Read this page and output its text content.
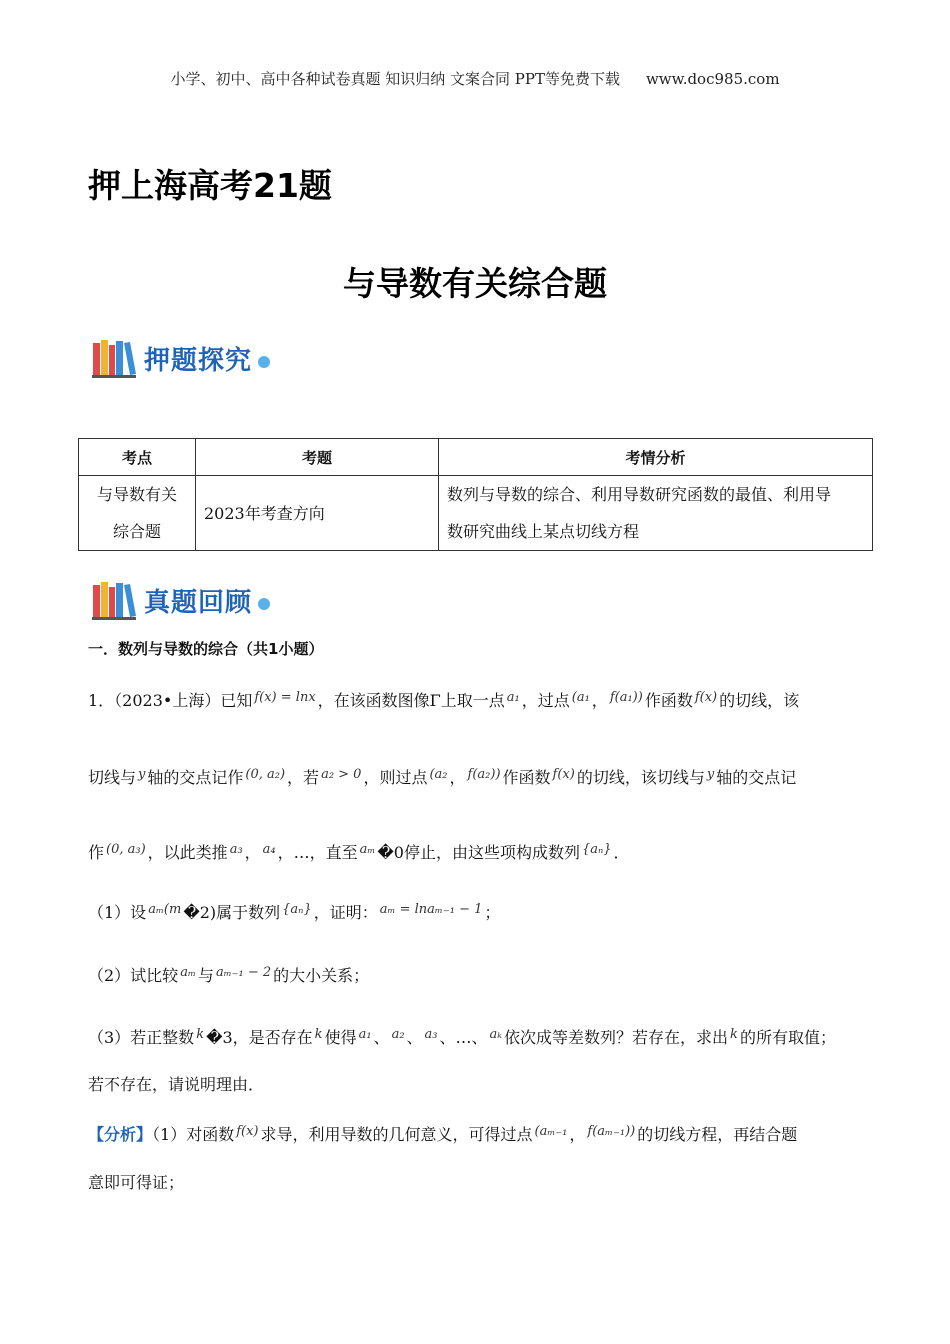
小学、初中、高中各种试卷真题 知识归纳 文案合同 PPT等免费下载 www.doc985.com
押上海高考21题
与导数有关综合题
押题探究
考点	考题	考情分析
与导数有关
综合题	2023年考查方向	数列与导数的综合、利用导数研究函数的最值、利用导
数研究曲线上某点切线方程
真题回顾
一．数列与导数的综合（共1小题）
1．（2023•上海）已知 $^{f(x) = lnx}$ ，在该函数图像Γ上取一点 $^{a_1}$ ，过点 $^{(a_1}$ ， $^{f(a_1))}$ 作函数 $^{f(x)}$ 的切线，该
切线与 $^y$ 轴的交点记作 $^{(0, a_2)}$ ，若 $^{a_2 > 0}$ ，则过点 $^{(a_2}$ ， $^{f(a_2))}$ 作函数 $^{f(x)}$ 的切线，该切线与 $^y$ 轴的交点记
作 $^{(0, a_3)}$ ，以此类推 $^{a_3}$ ， $^{a_4}$ ，…，直至 $^{a_m}$ �0停止，由这些项构成数列 $^{\{a_n\}}$ ．
（1）设 $^{a_m(m}$ �2)属于数列 $^{\{a_n\}}$ ，证明： $^{a_m = lna_{m-1} - 1}$ ；
（2）试比较 $^{a_m}$ 与 $^{a_{m-1} - 2}$ 的大小关系；
（3）若正整数 $^k$ �3，是否存在 $^k$ 使得 $^{a_1}$ 、 $^{a_2}$ 、 $^{a_3}$ 、…、 $^{a_k}$ 依次成等差数列？若存在，求出 $^k$ 的所有取值；
若不存在，请说明理由．
【分析】（1）对函数 $^{f(x)}$ 求导，利用导数的几何意义，可得过点 $^{(a_{m-1}}$ ， $^{f(a_{m-1}))}$ 的切线方程，再结合题
意即可得证；
